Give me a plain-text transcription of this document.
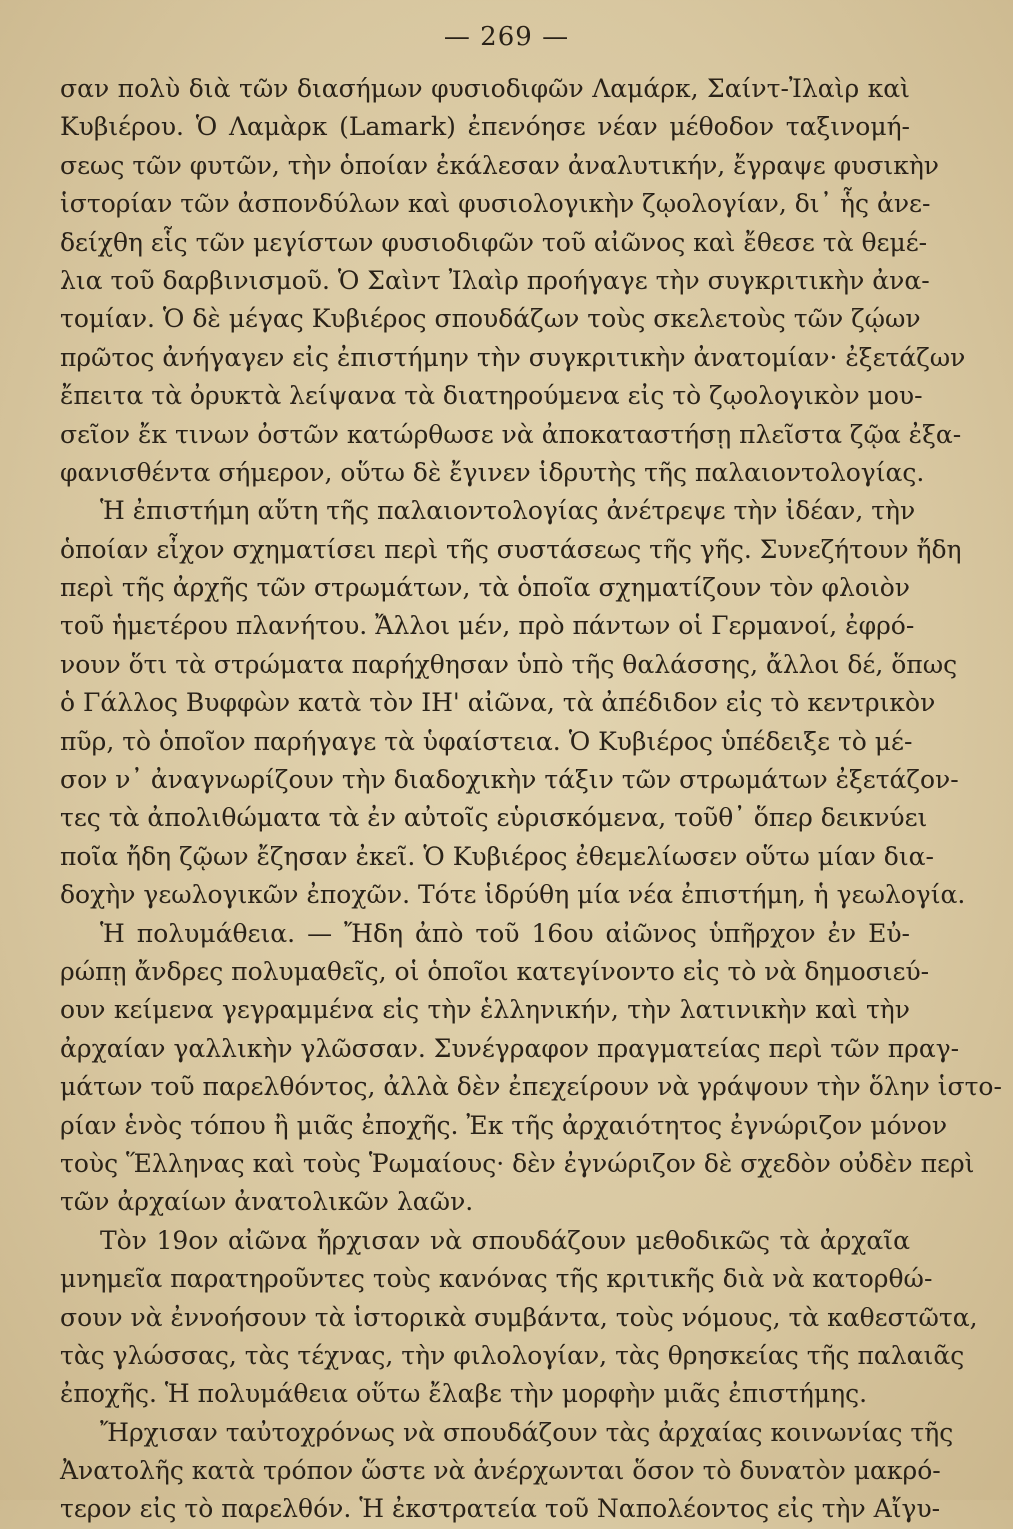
— 269 —
σαν πολὺ διὰ τῶν διασήμων φυσιοδιφῶν Λαμάρκ, Σαίντ-Ἰλαὶρ καὶ
Κυβιέρου. Ὁ Λαμὰρκ (Lamark) ἐπενόησε νέαν μέθοδον ταξινομή-
σεως τῶν φυτῶν, τὴν ὁποίαν ἐκάλεσαν ἀναλυτικήν, ἔγραψε φυσικὴν
ἱστορίαν τῶν ἀσπονδύλων καὶ φυσιολογικὴν ζῳολογίαν, δι᾽ ἧς ἀνε-
δείχθη εἷς τῶν μεγίστων φυσιοδιφῶν τοῦ αἰῶνος καὶ ἔθεσε τὰ θεμέ-
λια τοῦ δαρβινισμοῦ. Ὁ Σαὶντ Ἰλαὶρ προήγαγε τὴν συγκριτικὴν ἀνα-
τομίαν. Ὁ δὲ μέγας Κυβιέρος σπουδάζων τοὺς σκελετοὺς τῶν ζῴων
πρῶτος ἀνήγαγεν εἰς ἐπιστήμην τὴν συγκριτικὴν ἀνατομίαν· ἐξετάζων
ἔπειτα τὰ ὀρυκτὰ λείψανα τὰ διατηρούμενα εἰς τὸ ζῳολογικὸν μου-
σεῖον ἔκ τινων ὀστῶν κατώρθωσε νὰ ἀποκαταστήσῃ πλεῖστα ζῷα ἐξα-
φανισθέντα σήμερον, οὕτω δὲ ἔγινεν ἱδρυτὴς τῆς παλαιοντολογίας.
Ἡ ἐπιστήμη αὕτη τῆς παλαιοντολογίας ἀνέτρεψε τὴν ἰδέαν, τὴν
ὁποίαν εἶχον σχηματίσει περὶ τῆς συστάσεως τῆς γῆς. Συνεζήτουν ἤδη
περὶ τῆς ἀρχῆς τῶν στρωμάτων, τὰ ὁποῖα σχηματίζουν τὸν φλοιὸν
τοῦ ἡμετέρου πλανήτου. Ἄλλοι μέν, πρὸ πάντων οἱ Γερμανοί, ἐφρό-
νουν ὅτι τὰ στρώματα παρήχθησαν ὑπὸ τῆς θαλάσσης, ἄλλοι δέ, ὅπως
ὁ Γάλλος Βυφφὼν κατὰ τὸν ΙΗ' αἰῶνα, τὰ ἀπέδιδον εἰς τὸ κεντρικὸν
πῦρ, τὸ ὁποῖον παρήγαγε τὰ ὑφαίστεια. Ὁ Κυβιέρος ὑπέδειξε τὸ μέ-
σον ν᾽ ἀναγνωρίζουν τὴν διαδοχικὴν τάξιν τῶν στρωμάτων ἐξετάζον-
τες τὰ ἀπολιθώματα τὰ ἐν αὐτοῖς εὑρισκόμενα, τοῦθ᾽ ὅπερ δεικνύει
ποῖα ἤδη ζῷων ἔζησαν ἐκεῖ. Ὁ Κυβιέρος ἐθεμελίωσεν οὕτω μίαν δια-
δοχὴν γεωλογικῶν ἐποχῶν. Τότε ἱδρύθη μία νέα ἐπιστήμη, ἡ γεωλογία.
Ἡ πολυμάθεια. — Ἤδη ἀπὸ τοῦ 16ου αἰῶνος ὑπῆρχον ἐν Εὐ-
ρώπῃ ἄνδρες πολυμαθεῖς, οἱ ὁποῖοι κατεγίνοντο εἰς τὸ νὰ δημοσιεύ-
ουν κείμενα γεγραμμένα εἰς τὴν ἑλληνικήν, τὴν λατινικὴν καὶ τὴν
ἀρχαίαν γαλλικὴν γλῶσσαν. Συνέγραφον πραγματείας περὶ τῶν πραγ-
μάτων τοῦ παρελθόντος, ἀλλὰ δὲν ἐπεχείρουν νὰ γράψουν τὴν ὅλην ἱστο-
ρίαν ἑνὸς τόπου ἢ μιᾶς ἐποχῆς. Ἐκ τῆς ἀρχαιότητος ἐγνώριζον μόνον
τοὺς Ἕλληνας καὶ τοὺς Ῥωμαίους· δὲν ἐγνώριζον δὲ σχεδὸν οὐδὲν περὶ
τῶν ἀρχαίων ἀνατολικῶν λαῶν.
Τὸν 19ον αἰῶνα ἤρχισαν νὰ σπουδάζουν μεθοδικῶς τὰ ἀρχαῖα
μνημεῖα παρατηροῦντες τοὺς κανόνας τῆς κριτικῆς διὰ νὰ κατορθώ-
σουν νὰ ἐννοήσουν τὰ ἱστορικὰ συμβάντα, τοὺς νόμους, τὰ καθεστῶτα,
τὰς γλώσσας, τὰς τέχνας, τὴν φιλολογίαν, τὰς θρησκείας τῆς παλαιᾶς
ἐποχῆς. Ἡ πολυμάθεια οὕτω ἔλαβε τὴν μορφὴν μιᾶς ἐπιστήμης.
Ἤρχισαν ταὐτοχρόνως νὰ σπουδάζουν τὰς ἀρχαίας κοινωνίας τῆς
Ἀνατολῆς κατὰ τρόπον ὥστε νὰ ἀνέρχωνται ὅσον τὸ δυνατὸν μακρό-
τερον εἰς τὸ παρελθόν. Ἡ ἐκστρατεία τοῦ Ναπολέοντος εἰς τὴν Αἴγυ-
